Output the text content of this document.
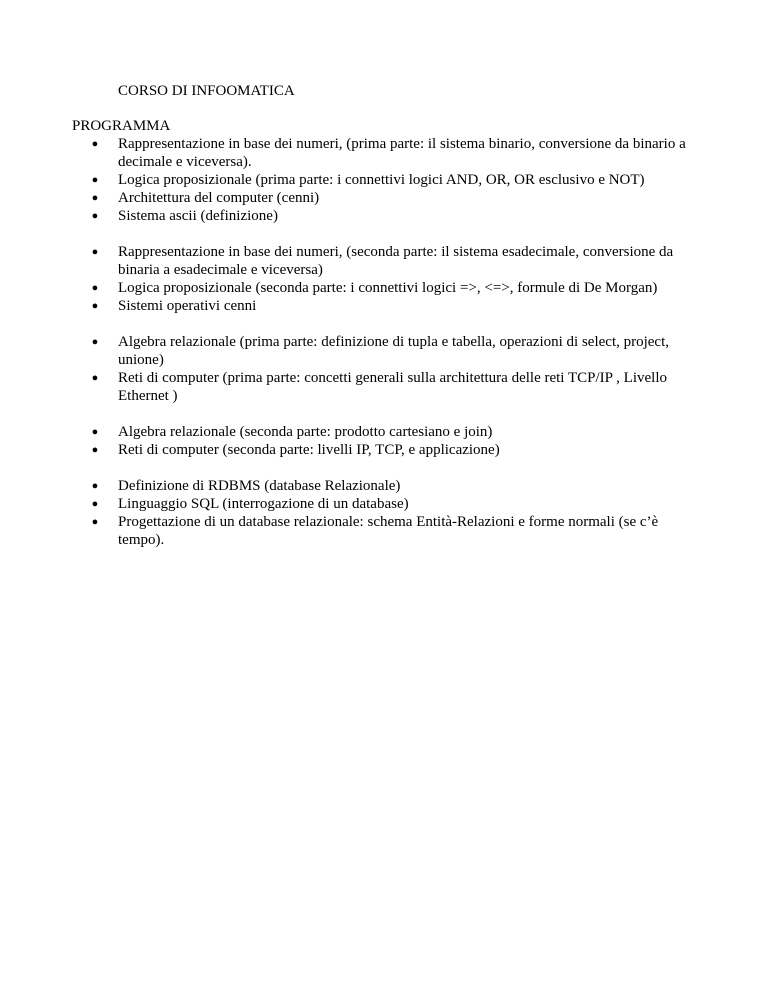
CORSO DI INFOOMATICA

PROGRAMMA

● Rappresentazione in base dei numeri, (prima parte: il sistema binario, conversione da binario a decimale e viceversa).
● Logica proposizionale (prima parte: i connettivi logici AND, OR, OR esclusivo e NOT)
● Architettura del computer (cenni)
● Sistema ascii (definizione)
● Rappresentazione in base dei numeri, (seconda parte: il sistema esadecimale, conversione da binaria a esadecimale e viceversa)
● Logica proposizionale (seconda parte: i connettivi logici =>, <=>, formule di De Morgan)
● Sistemi operativi cenni
● Algebra relazionale (prima parte: definizione di tupla e tabella, operazioni di select, project, unione)
● Reti di computer (prima parte: concetti generali sulla architettura delle reti TCP/IP , Livello Ethernet )
● Algebra relazionale (seconda parte: prodotto cartesiano e join)
● Reti di computer (seconda parte: livelli IP, TCP, e applicazione)
● Definizione di RDBMS (database Relazionale)
● Linguaggio SQL (interrogazione di un database)
● Progettazione di un database relazionale: schema Entità-Relazioni e forme normali (se c’è tempo).
